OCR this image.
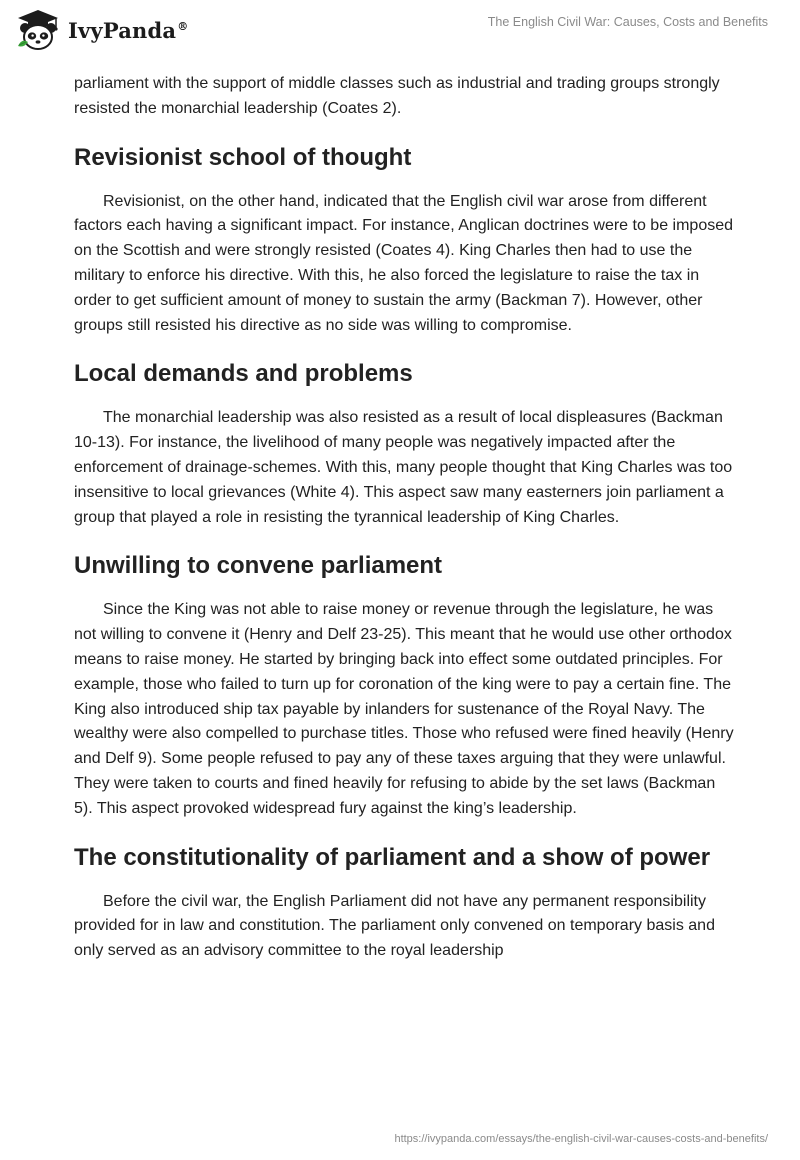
IvyPanda®	The English Civil War: Causes, Costs and Benefits

parliament with the support of middle classes such as industrial and trading groups strongly resisted the monarchial leadership (Coates 2).

Revisionist school of thought

Revisionist, on the other hand, indicated that the English civil war arose from different factors each having a significant impact. For instance, Anglican doctrines were to be imposed on the Scottish and were strongly resisted (Coates 4). King Charles then had to use the military to enforce his directive. With this, he also forced the legislature to raise the tax in order to get sufficient amount of money to sustain the army (Backman 7). However, other groups still resisted his directive as no side was willing to compromise.

Local demands and problems

The monarchial leadership was also resisted as a result of local displeasures (Backman 10-13). For instance, the livelihood of many people was negatively impacted after the enforcement of drainage-schemes. With this, many people thought that King Charles was too insensitive to local grievances (White 4). This aspect saw many easterners join parliament a group that played a role in resisting the tyrannical leadership of King Charles.

Unwilling to convene parliament

Since the King was not able to raise money or revenue through the legislature, he was not willing to convene it (Henry and Delf 23-25). This meant that he would use other orthodox means to raise money. He started by bringing back into effect some outdated principles. For example, those who failed to turn up for coronation of the king were to pay a certain fine. The King also introduced ship tax payable by inlanders for sustenance of the Royal Navy. The wealthy were also compelled to purchase titles. Those who refused were fined heavily (Henry and Delf 9). Some people refused to pay any of these taxes arguing that they were unlawful. They were taken to courts and fined heavily for refusing to abide by the set laws (Backman 5). This aspect provoked widespread fury against the king’s leadership.

The constitutionality of parliament and a show of power

Before the civil war, the English Parliament did not have any permanent responsibility provided for in law and constitution. The parliament only convened on temporary basis and only served as an advisory committee to the royal leadership

https://ivypanda.com/essays/the-english-civil-war-causes-costs-and-benefits/
